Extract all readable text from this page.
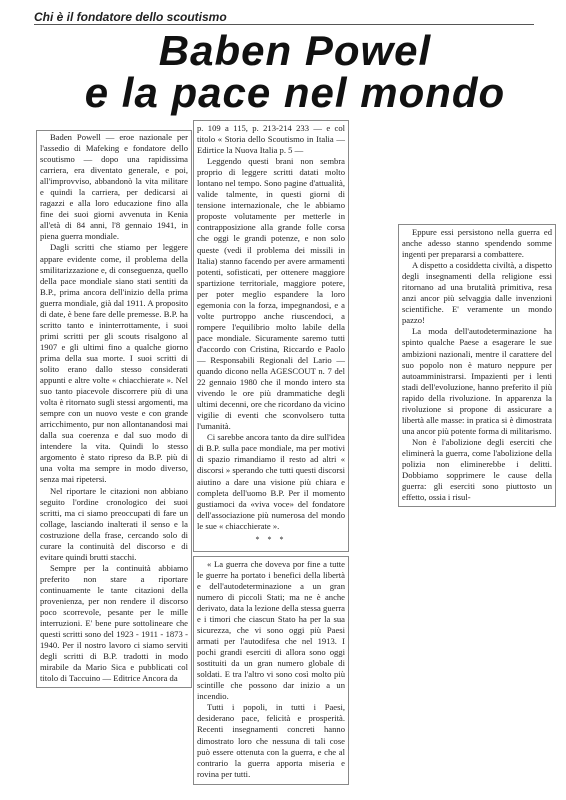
Chi è il fondatore dello scoutismo
Baben Powel
e la pace nel mondo

Baden Powell — eroe nazionale per l'assedio di Mafeking e fondatore dello scoutismo — dopo una rapidissima carriera, era diventato generale, e poi, all'improvviso, abbandonò la vita militare e quindi la carriera, per dedicarsi ai ragazzi e alla loro educazione fino alla fine dei suoi giorni avvenuta in Kenia all'età di 84 anni, l'8 gennaio 1941, in piena guerra mondiale.

Dagli scritti che stiamo per leggere appare evidente come, il problema della smilitarizzazione e, di conseguenza, quello della pace mondiale siano stati sentiti da B.P., prima ancora dell'inizio della prima guerra mondiale, già dal 1911. A proposito di date, è bene fare delle premesse. B.P. ha scritto tanto e ininterrottamente, i suoi primi scritti per gli scouts risalgono al 1907 e gli ultimi fino a qualche giorno prima della sua morte. I suoi scritti di solito erano dallo stesso considerati appunti e altre volte « chiacchierate ». Nel suo tanto piacevole discorrere più di una volta è ritornato sugli stessi argomenti, ma sempre con un nuovo veste e con grande arricchimento, pur non allontanandosi mai dalla sua coerenza e dal suo modo di intendere la vita. Quindi lo stesso argomento è stato ripreso da B.P. più di una volta ma sempre in modo diverso, senza mai ripetersi.

Nel riportare le citazioni non abbiano seguito l'ordine cronologico dei suoi scritti, ma ci siamo preoccupati di fare un collage, lasciando inalterati il senso e la costruzione della frase, cercando solo di curare la continuità del discorso e di evitare quindi brutti stacchi.

Sempre per la continuità abbiamo preferito non stare a riportare continuamente le tante citazioni della provenienza, per non rendere il discorso poco scorrevole, pesante per le mille interruzioni. E' bene pure sottolineare che questi scritti sono del 1923 - 1911 - 1873 - 1940. Per il nostro lavoro ci siamo serviti degli scritti di B.P. tradotti in modo mirabile da Mario Sica e pubblicati col titolo di Taccuino — Editrice Ancora da

p. 109 a 115, p. 213-214 233 — e col titolo « Storia dello Scoutismo in Italia — Edirtice la Nuova Italia p. 5 —

Leggendo questi brani non sembra proprio di leggere scritti datati molto lontano nel tempo. Sono pagine d'attualità, valide talmente, in questi giorni di tensione internazionale, che le abbiamo proposte volutamente per metterle in contrapposizione alla grande folle corsa che oggi le grandi potenze, e non solo queste (vedi il problema dei missili in Italia) stanno facendo per avere armamenti potenti, sofisticati, per ottenere maggiore spartizione territoriale, maggiore potere, per poter meglio espandere la loro egemonia con la forza, impegnandosi, e a volte purtroppo anche riuscendoci, a rompere l'equilibrio molto labile della pace mondiale. Sicuramente saremo tutti d'accordo con Cristina, Riccardo e Paolo — Responsabili Regionali del Lario — quando dicono nella AGESCOUT n. 7 del 22 gennaio 1980 che il mondo intero sta vivendo le ore più drammatiche degli ultimi decenni, ore che ricordano da vicino vigilie di eventi che sconvolsero tutta l'umanità.

Ci sarebbe ancora tanto da dire sull'idea di B.P. sulla pace mondiale, ma per motivi di spazio rimandiamo il resto ad altri « discorsi » sperando che tutti questi discorsi aiutino a dare una visione più chiara e completa dell'uomo B.P. Per il momento gustiamoci da «viva voce» del fondatore dell'associazione più numerosa del mondo le sue « chiacchierate ».

* * *

« La guerra che doveva por fine a tutte le guerre ha portato i benefici della libertà e dell'autodeterminazione a un gran numero di piccoli Stati; ma ne è anche derivato, data la lezione della stessa guerra e i timori che ciascun Stato ha per la sua sicurezza, che vi sono oggi più Paesi armati per l'autodifesa che nel 1913. I pochi grandi eserciti di allora sono oggi sostituiti da un gran numero globale di soldati. E tra l'altro vi sono così molto più scintille che possono dar inizio a un incendio.

Tutti i popoli, in tutti i Paesi, desiderano pace, felicità e prosperità. Recenti insegnamenti concreti hanno dimostrato loro che nessuna di tali cose può essere ottenuta con la guerra, e che al contrario la guerra apporta miseria e rovina per tutti.

Eppure essi persistono nella guerra ed anche adesso stanno spendendo somme ingenti per prepararsi a combattere.

A dispetto a cosiddetta civiltà, a dispetto degli insegnamenti della religione essi ritornano ad una brutalità primitiva, resa anzi ancor più selvaggia dalle invenzioni scientifiche. E' veramente un mondo pazzo!

La moda dell'autodeterminazione ha spinto qualche Paese a esagerare le sue ambizioni nazionali, mentre il carattere del suo popolo non è maturo neppure per autoamministrarsi. Impazienti per i lenti stadi dell'evoluzione, hanno preferito il più rapido della rivoluzione. In apparenza la rivoluzione si propone di assicurare a libertà alle masse: in pratica si è dimostrata una ancor più potente forma di militarismo.

Non è l'abolizione degli eserciti che eliminerà la guerra, come l'abolizione della polizia non eliminerebbe i delitti. Dobbiamo sopprimere le cause della guerra: gli eserciti sono piuttosto un effetto, ossia i risul-
